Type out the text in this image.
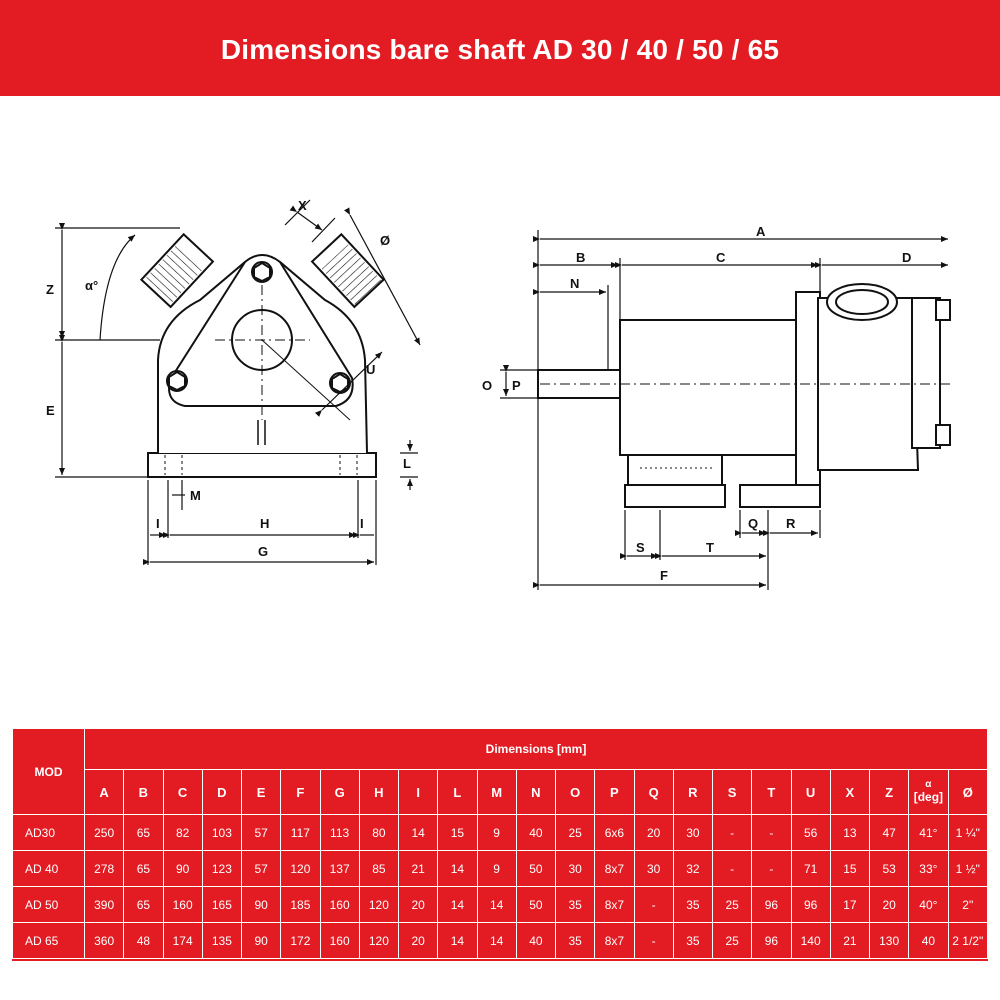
Dimensions bare shaft AD 30 / 40 / 50 / 65
X
Ø
α°
Z
E
U
L
M
I	H	I
G
A
B	C	D
N
O P
Q R
S	T
F
MOD	Dimensions [mm]																						
	A	B	C	D	E	F	G	H	I	L	M	N	O	P	Q	R	S	T	U	X	Z	α
[deg]	Ø
AD30	250	65	82	103	57	117	113	80	14	15	9	40	25	6x6	20	30	-	-	56	13	47	41°	1 ¼"
AD 40	278	65	90	123	57	120	137	85	21	14	9	50	30	8x7	30	32	-	-	71	15	53	33°	1 ½"
AD 50	390	65	160	165	90	185	160	120	20	14	14	50	35	8x7	-	35	25	96	96	17	20	40°	2"
AD 65	360	48	174	135	90	172	160	120	20	14	14	40	35	8x7	-	35	25	96	140	21	130	40	2 1/2"
